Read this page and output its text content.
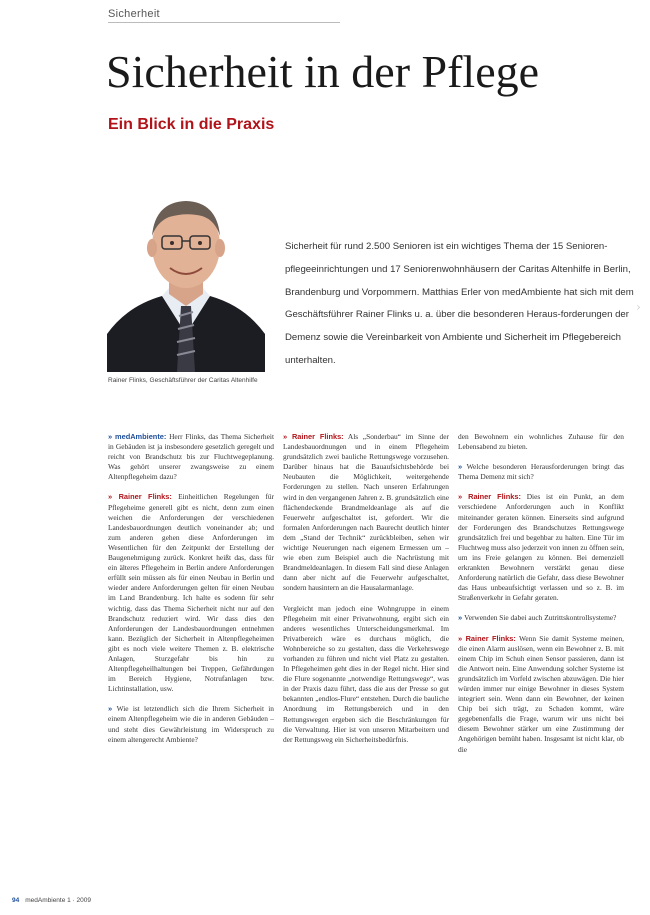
Sicherheit
Sicherheit in der Pflege
Ein Blick in die Praxis
Rainer Flinks, Geschäftsführer der Caritas Altenhilfe
Sicherheit für rund 2.500 Senioren ist ein wichtiges Thema der 15 Senioren-pflegeeinrichtungen und 17 Seniorenwohnhäusern der Caritas Altenhilfe in Berlin, Brandenburg und Vorpommern. Matthias Erler von medAmbiente hat sich mit dem Geschäftsführer Rainer Flinks u. a. über die besonderen Heraus-forderungen der Demenz sowie die Vereinbarkeit von Ambiente und Sicherheit im Pflegebereich unterhalten.

» medAmbiente: Herr Flinks, das Thema Sicherheit in Gebäuden ist ja insbesondere gesetzlich geregelt und reicht von Brandschutz bis zur Fluchtwegeplanung. Was gehört unserer zwangsweise zu einem Altenpflegeheim dazu?

» Rainer Flinks: Einheitlichen Regelungen für Pflegeheime generell gibt es nicht, denn zum einen weichen die Anforderungen der verschiedenen Landesbauordnungen deutlich voneinander ab; und zum anderen gehen diese Anforderungen im Wesentlichen für den Zeitpunkt der Erstellung der Baugenehmigung zurück. Konkret heißt das, dass für ein älteres Pflegeheim in Berlin andere Anforderungen erfüllt sein müssen als für einen Neubau in Berlin und wieder andere Anforderungen gelten für einen Neubau im Land Brandenburg. Ich halte es sodenn für sehr wichtig, dass das Thema Sicherheit nicht nur auf den Brandschutz reduziert wird. Wir dass dies den Anforderungen der Landesbauordnungen entnehmen kann. Bezüglich der Sicherheit in Altenpflegeheimen gibt es noch viele weitere Themen z. B. elektrische Anlagen, Sturzgefahr bis hin zu Altenpflegeheilhaltungen bei Treppen, Gefährdungen im Bereich Hygiene, Notrufanlagen bzw. Lichtinstallation, usw.

» Wie ist letztendlich sich die Ihrem Sicherheit in einem Altenpflegeheim wie die in anderen Gebäuden – und steht dies Gewährleistung im Widerspruch zu einem altengerecht Ambiente?

» Rainer Flinks: Als „Sonderbau“ im Sinne der Landesbauordnungen und in einem Pflegeheim grundsätzlich zwei bauliche Rettungswege vorzusehen. Darüber hinaus hat die Bauaufsichtsbehörde bei Neubauten die Möglichkeit, weitergehende Forderungen zu stellen. Nach unseren Erfahrungen wird in den vergangenen Jahren z. B. grundsätzlich eine flächendeckende Brandmeldeanlage als auf die Feuerwehr aufgeschaltet ist, gefordert. Wir die formalen Anforderungen nach Baurecht deutlich hinter dem „Stand der Technik“ zurückbleiben, sehen wir wichtige Neuerungen nach eigenem Ermessen um – wie eben zum Beispiel auch die Nachrüstung mit Brandmeldeanlagen. In diesem Fall sind diese Anlagen dann aber nicht auf die Feuerwehr aufgeschaltet, sondern hausintern an die Hausalarmanlage.

Vergleicht man jedoch eine Wohngruppe in einem Pflegeheim mit einer Privatwohnung, ergibt sich ein anderes wesentliches Unterscheidungsmerkmal. Im Privatbereich wäre es durchaus möglich, die Wohnbereiche so zu gestalten, dass die Verkehrswege vorhanden zu führen und nicht viel Platz zu gestalten. In Pflegeheimen geht dies in der Regel nicht. Hier sind die Flure sogenannte „notwendige Rettungswege“, was in der Praxis dazu führt, dass die aus der Presse so gut bekannten „endlos-Flure“ entstehen. Durch die bauliche Anordnung im Rettungsbereich und in den Rettungswegen ergeben sich die Beschränkungen für die Verwaltung. Hier ist von unseren Mitarbeitern und der Rettungsweg ein Sicherheitsbedürfnis.

den Bewohnern ein wohnliches Zuhause für den Lebensabend zu bieten.

» Welche besonderen Herausforderungen bringt das Thema Demenz mit sich?

» Rainer Flinks: Dies ist ein Punkt, an dem verschiedene Anforderungen auch in Konflikt miteinander geraten können. Einerseits sind aufgrund der Forderungen des Brandschutzes Rettungswege grundsätzlich frei und begehbar zu halten. Eine Tür im Fluchtweg muss also jederzeit von innen zu öffnen sein, um ins Freie gelangen zu können. Bei demenziell erkrankten Bewohnern verstärkt genau diese Anforderung natürlich die Gefahr, dass diese Bewohner das Haus unbeaufsichtigt verlassen und so z. B. im Straßenverkehr in Gefahr geraten.

» Verwenden Sie dabei auch Zutrittskontrollsysteme?

» Rainer Flinks: Wenn Sie damit Systeme meinen, die einen Alarm auslösen, wenn ein Bewohner z. B. mit einem Chip im Schuh einen Sensor passieren, dann ist die Antwort nein. Eine Anwendung solcher Systeme ist grundsätzlich im Vorfeld zwischen abzuwägen. Die hier würden immer nur einige Bewohner in dieses System integriert sein. Wenn dann ein Bewohner, der keinen Chip bei sich trägt, zu Schaden kommt, wäre gegebenenfalls die Frage, warum wir uns nicht bei diesem Bewohner stärker um eine Zustimmung der Angehörigen bemüht haben. Insgesamt ist nicht klar, ob die

94 medAmbiente 1 · 2009
›
